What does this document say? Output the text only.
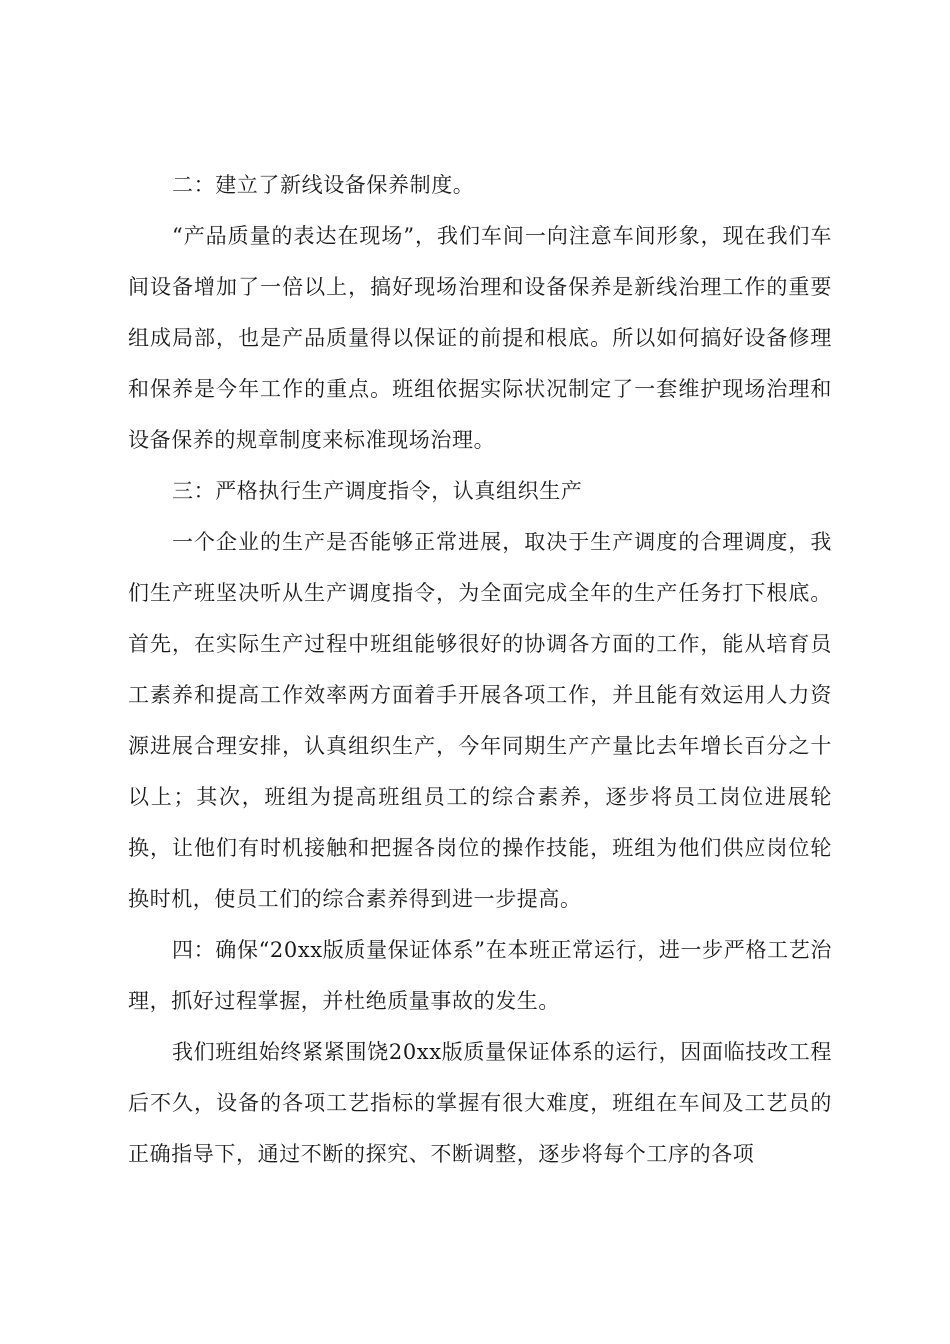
二：建立了新线设备保养制度。

“产品质量的表达在现场”，我们车间一向注意车间形象，现在我们车间设备增加了一倍以上，搞好现场治理和设备保养是新线治理工作的重要组成局部，也是产品质量得以保证的前提和根底。所以如何搞好设备修理和保养是今年工作的重点。班组依据实际状况制定了一套维护现场治理和设备保养的规章制度来标准现场治理。

三：严格执行生产调度指令，认真组织生产

一个企业的生产是否能够正常进展，取决于生产调度的合理调度，我们生产班坚决听从生产调度指令，为全面完成全年的生产任务打下根底。首先，在实际生产过程中班组能够很好的协调各方面的工作，能从培育员工素养和提高工作效率两方面着手开展各项工作，并且能有效运用人力资源进展合理安排，认真组织生产，今年同期生产产量比去年增长百分之十以上；其次，班组为提高班组员工的综合素养，逐步将员工岗位进展轮换，让他们有时机接触和把握各岗位的操作技能，班组为他们供应岗位轮换时机，使员工们的综合素养得到进一步提高。

四：确保“20xx版质量保证体系”在本班正常运行，进一步严格工艺治理，抓好过程掌握，并杜绝质量事故的发生。

我们班组始终紧紧围饶20xx版质量保证体系的运行，因面临技改工程后不久，设备的各项工艺指标的掌握有很大难度，班组在车间及工艺员的正确指导下，通过不断的探究、不断调整，逐步将每个工序的各项
